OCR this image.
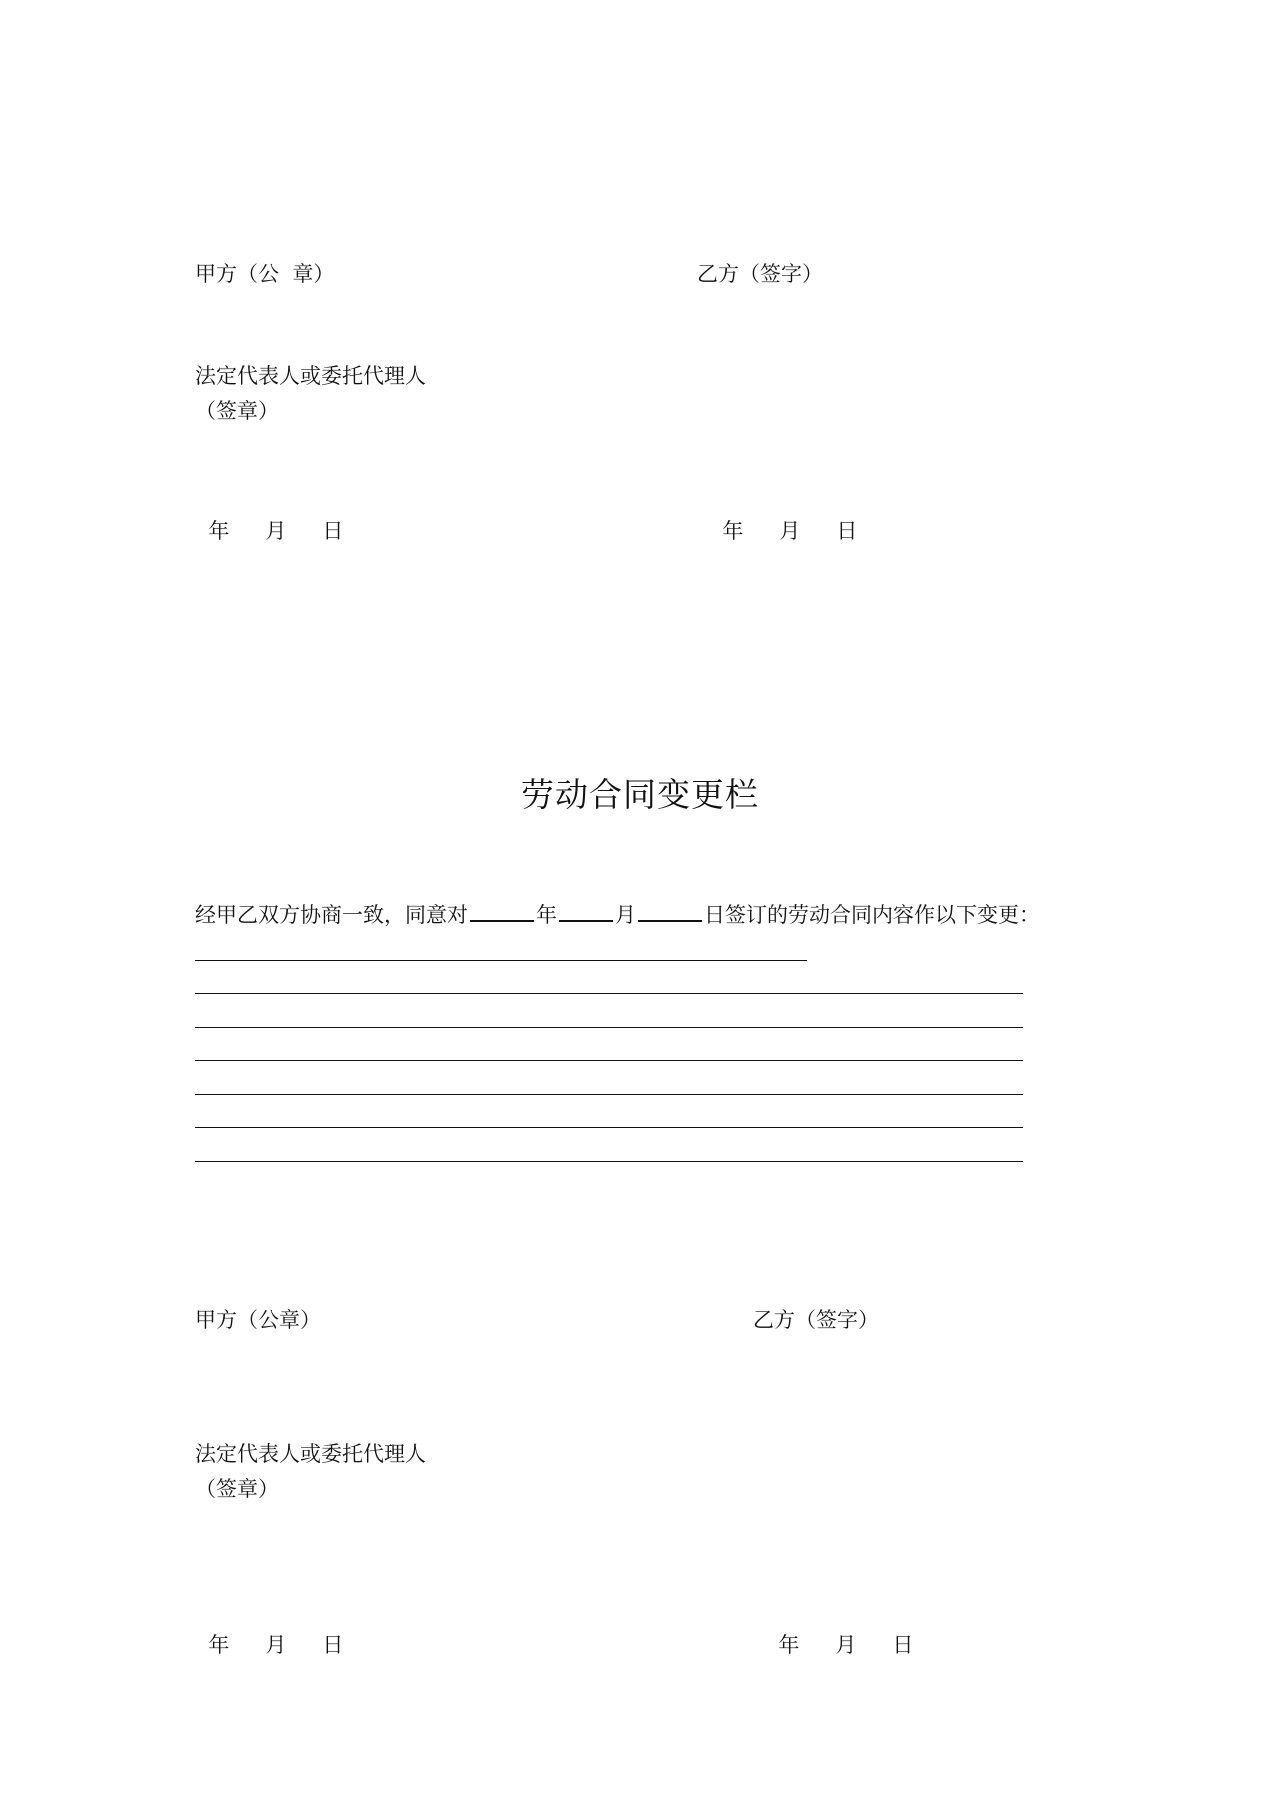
甲方（公  章）	乙方（签字）
法定代表人或委托代理人
（签章）

年 月 日	年 月 日

劳动合同变更栏
经甲乙双方协商一致，同意对	年	月	日签订的劳动合同内容作以下变更：
甲方（公章）	乙方（签字）
法定代表人或委托代理人
（签章）

年 月 日	年 月 日
